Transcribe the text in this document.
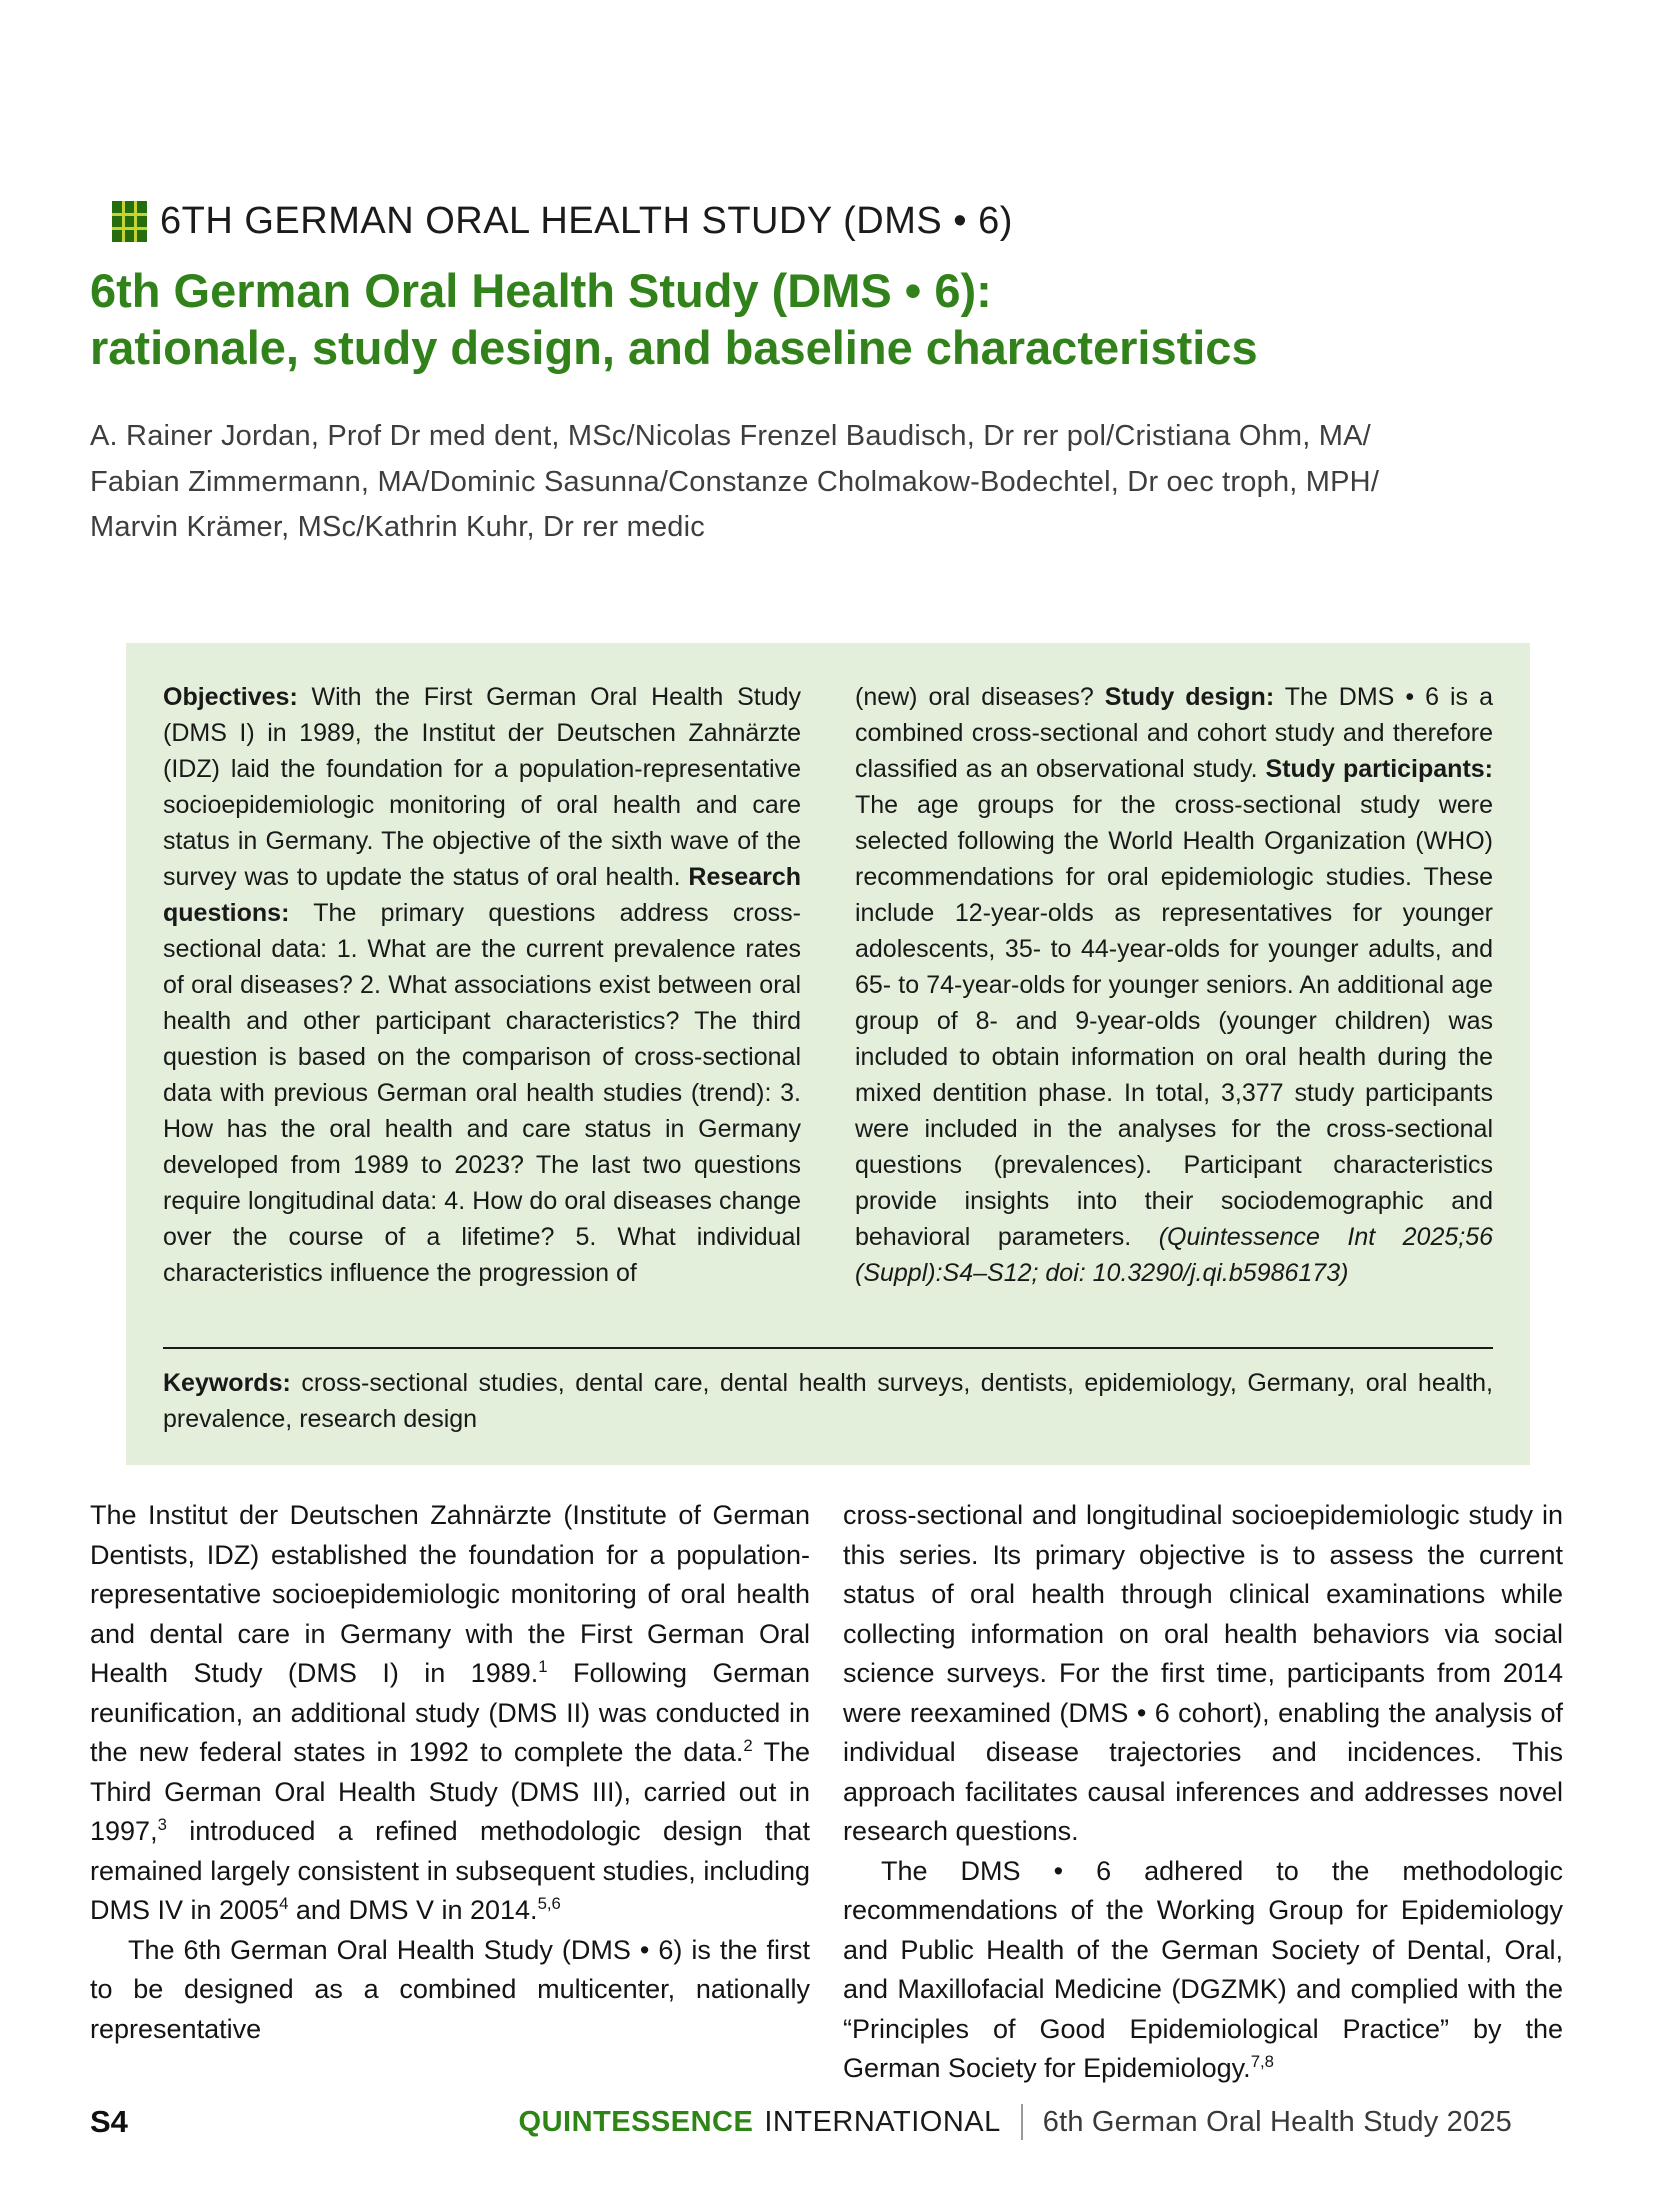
6TH GERMAN ORAL HEALTH STUDY (DMS • 6)
6th German Oral Health Study (DMS • 6):
rationale, study design, and baseline characteristics
A. Rainer Jordan, Prof Dr med dent, MSc/Nicolas Frenzel Baudisch, Dr rer pol/Cristiana Ohm, MA/
Fabian Zimmermann, MA/Dominic Sasunna/Constanze Cholmakow-Bodechtel, Dr oec troph, MPH/
Marvin Krämer, MSc/Kathrin Kuhr, Dr rer medic
Objectives: With the First German Oral Health Study (DMS I) in 1989, the Institut der Deutschen Zahnärzte (IDZ) laid the foundation for a population-representative socioepidemiologic monitoring of oral health and care status in Germany. The objective of the sixth wave of the survey was to update the status of oral health. Research questions: The primary questions address cross-sectional data: 1. What are the current prevalence rates of oral diseases? 2. What associations exist between oral health and other participant characteristics? The third question is based on the comparison of cross-sectional data with previous German oral health studies (trend): 3. How has the oral health and care status in Germany developed from 1989 to 2023? The last two questions require longitudinal data: 4. How do oral diseases change over the course of a lifetime? 5. What individual characteristics influence the progression of
(new) oral diseases? Study design: The DMS • 6 is a combined cross-sectional and cohort study and therefore classified as an observational study. Study participants: The age groups for the cross-sectional study were selected following the World Health Organization (WHO) recommendations for oral epidemiologic studies. These include 12-year-olds as representatives for younger adolescents, 35- to 44-year-olds for younger adults, and 65- to 74-year-olds for younger seniors. An additional age group of 8- and 9-year-olds (younger children) was included to obtain information on oral health during the mixed dentition phase. In total, 3,377 study participants were included in the analyses for the cross-sectional questions (prevalences). Participant characteristics provide insights into their sociodemographic and behavioral parameters. (Quintessence Int 2025;56 (Suppl):S4–S12; doi: 10.3290/j.qi.b5986173)

Keywords: cross-sectional studies, dental care, dental health surveys, dentists, epidemiology, Germany, oral health, prevalence, research design

The Institut der Deutschen Zahnärzte (Institute of German Dentists, IDZ) established the foundation for a population-representative socioepidemiologic monitoring of oral health and dental care in Germany with the First German Oral Health Study (DMS I) in 1989.$^1$ Following German reunification, an additional study (DMS II) was conducted in the new federal states in 1992 to complete the data.$^2$ The Third German Oral Health Study (DMS III), carried out in 1997,$^3$ introduced a refined methodologic design that remained largely consistent in subsequent studies, including DMS IV in 2005$^4$ and DMS V in 2014.$^{5,6}$

The 6th German Oral Health Study (DMS • 6) is the first to be designed as a combined multicenter, nationally representative

cross-sectional and longitudinal socioepidemiologic study in this series. Its primary objective is to assess the current status of oral health through clinical examinations while collecting information on oral health behaviors via social science surveys. For the first time, participants from 2014 were reexamined (DMS • 6 cohort), enabling the analysis of individual disease trajectories and incidences. This approach facilitates causal inferences and addresses novel research questions.

The DMS • 6 adhered to the methodologic recommendations of the Working Group for Epidemiology and Public Health of the German Society of Dental, Oral, and Maxillofacial Medicine (DGZMK) and complied with the “Principles of Good Epidemiological Practice” by the German Society for Epidemiology.$^{7,8}$

S4	QUINTESSENCE INTERNATIONAL 6th German Oral Health Study 2025
